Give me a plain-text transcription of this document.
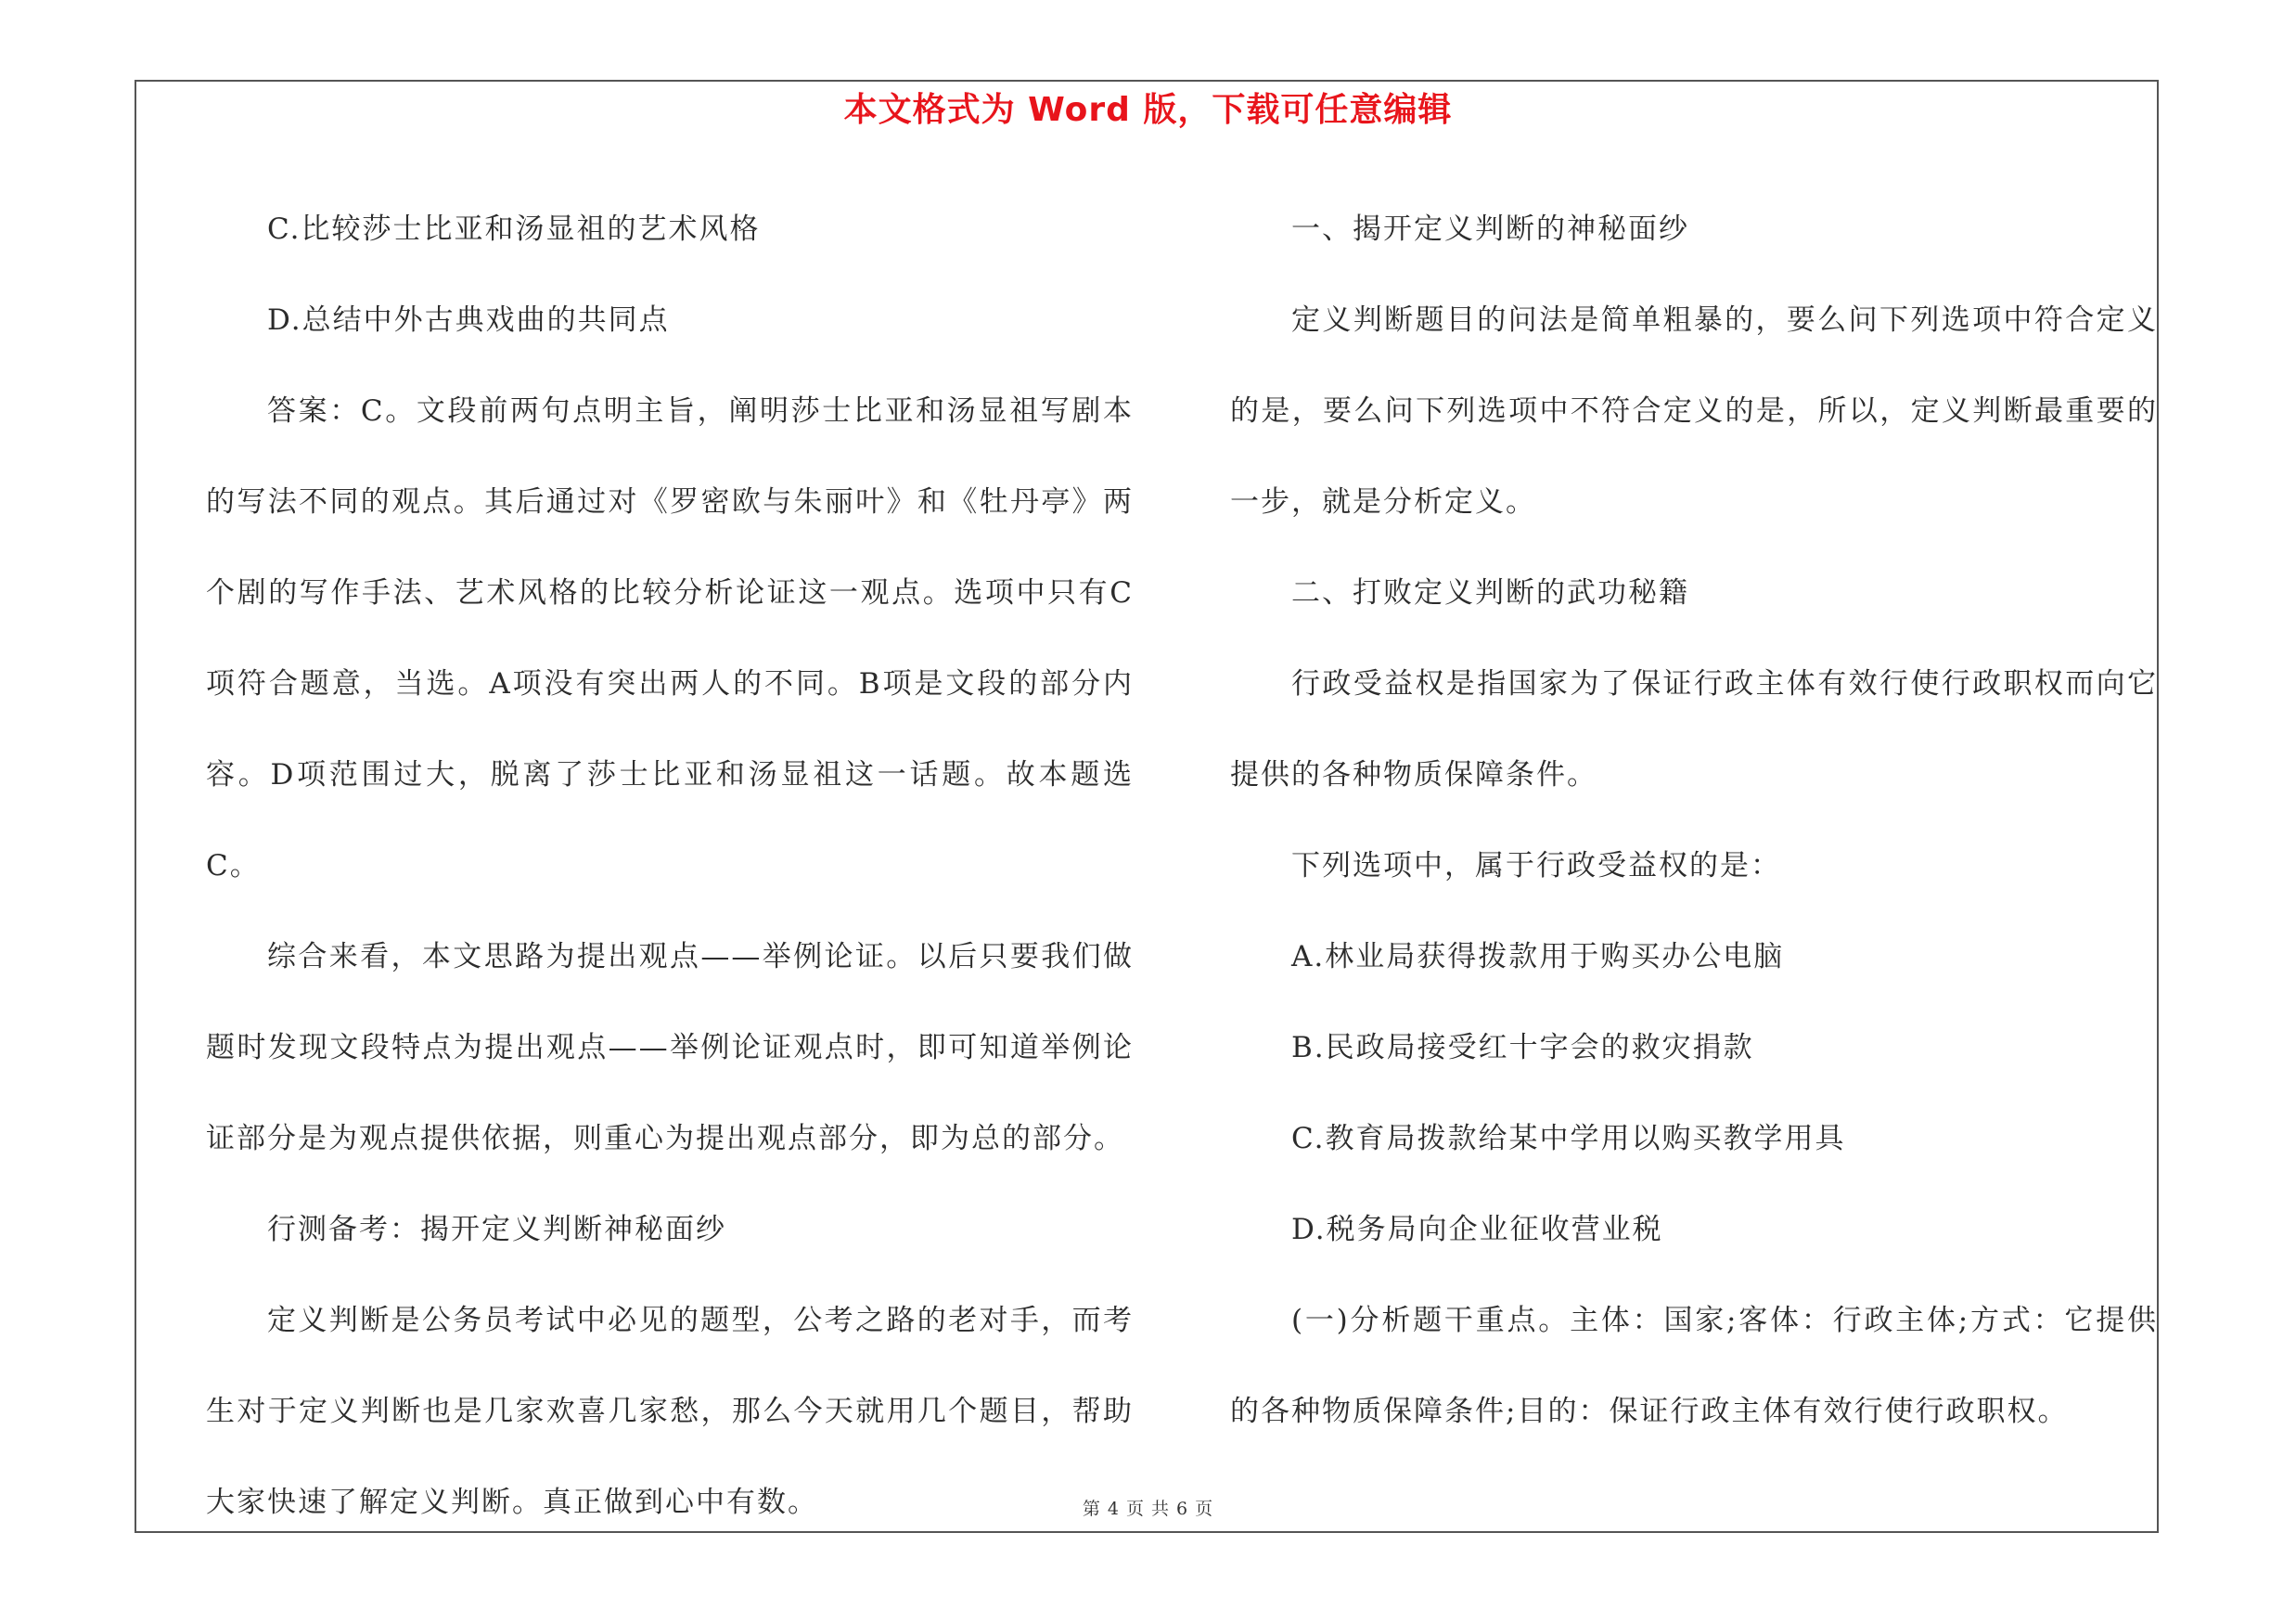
本文格式为 Word 版，下载可任意编辑

C.比较莎士比亚和汤显祖的艺术风格

D.总结中外古典戏曲的共同点

答案：C。文段前两句点明主旨，阐明莎士比亚和汤显祖写剧本的写法不同的观点。其后通过对《罗密欧与朱丽叶》和《牡丹亭》两个剧的写作手法、艺术风格的比较分析论证这一观点。选项中只有C项符合题意，当选。A项没有突出两人的不同。B项是文段的部分内容。D项范围过大，脱离了莎士比亚和汤显祖这一话题。故本题选C。

综合来看，本文思路为提出观点——举例论证。以后只要我们做题时发现文段特点为提出观点——举例论证观点时，即可知道举例论证部分是为观点提供依据，则重心为提出观点部分，即为总的部分。

行测备考：揭开定义判断神秘面纱

定义判断是公务员考试中必见的题型，公考之路的老对手，而考生对于定义判断也是几家欢喜几家愁，那么今天就用几个题目，帮助大家快速了解定义判断。真正做到心中有数。

一、揭开定义判断的神秘面纱

定义判断题目的问法是简单粗暴的，要么问下列选项中符合定义的是，要么问下列选项中不符合定义的是，所以，定义判断最重要的一步，就是分析定义。

二、打败定义判断的武功秘籍

行政受益权是指国家为了保证行政主体有效行使行政职权而向它提供的各种物质保障条件。

下列选项中，属于行政受益权的是：

A.林业局获得拨款用于购买办公电脑

B.民政局接受红十字会的救灾捐款

C.教育局拨款给某中学用以购买教学用具

D.税务局向企业征收营业税

(一)分析题干重点。主体：国家;客体：行政主体;方式：它提供的各种物质保障条件;目的：保证行政主体有效行使行政职权。

第 4 页 共 6 页
